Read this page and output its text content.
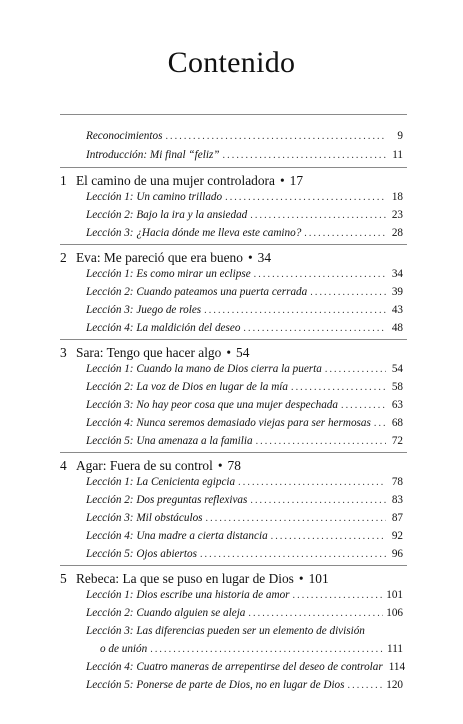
Contenido
Reconocimientos . . .	9
Introducción: Mi final “feliz” . . .	11
1 El camino de una mujer controladora • 17
Lección 1: Un camino trillado . . .	18
Lección 2: Bajo la ira y la ansiedad . . .	23
Lección 3: ¿Hacia dónde me lleva este camino? . . .	28
2 Eva: Me pareció que era bueno • 34
Lección 1: Es como mirar un eclipse . . .	34
Lección 2: Cuando pateamos una puerta cerrada . . .	39
Lección 3: Juego de roles . . .	43
Lección 4: La maldición del deseo . . .	48
3 Sara: Tengo que hacer algo • 54
Lección 1: Cuando la mano de Dios cierra la puerta . . .	54
Lección 2: La voz de Dios en lugar de la mía . . .	58
Lección 3: No hay peor cosa que una mujer despechada . . .	63
Lección 4: Nunca seremos demasiado viejas para ser hermosas . . . 68
Lección 5: Una amenaza a la familia . . .	72
4 Agar: Fuera de su control • 78
Lección 1: La Cenicienta egipcia . . .	78
Lección 2: Dos preguntas reflexivas . . .	83
Lección 3: Mil obstáculos . . .	87
Lección 4: Una madre a cierta distancia . . .	92
Lección 5: Ojos abiertos . . .	96
5 Rebeca: La que se puso en lugar de Dios • 101
Lección 1: Dios escribe una historia de amor . . .	101
Lección 2: Cuando alguien se aleja . . .	106
Lección 3: Las diferencias pueden ser un elemento de división
o de unión . . .	111
Lección 4: Cuatro maneras de arrepentirse del deseo de controlar 114
Lección 5: Ponerse de parte de Dios, no en lugar de Dios . . .	120
